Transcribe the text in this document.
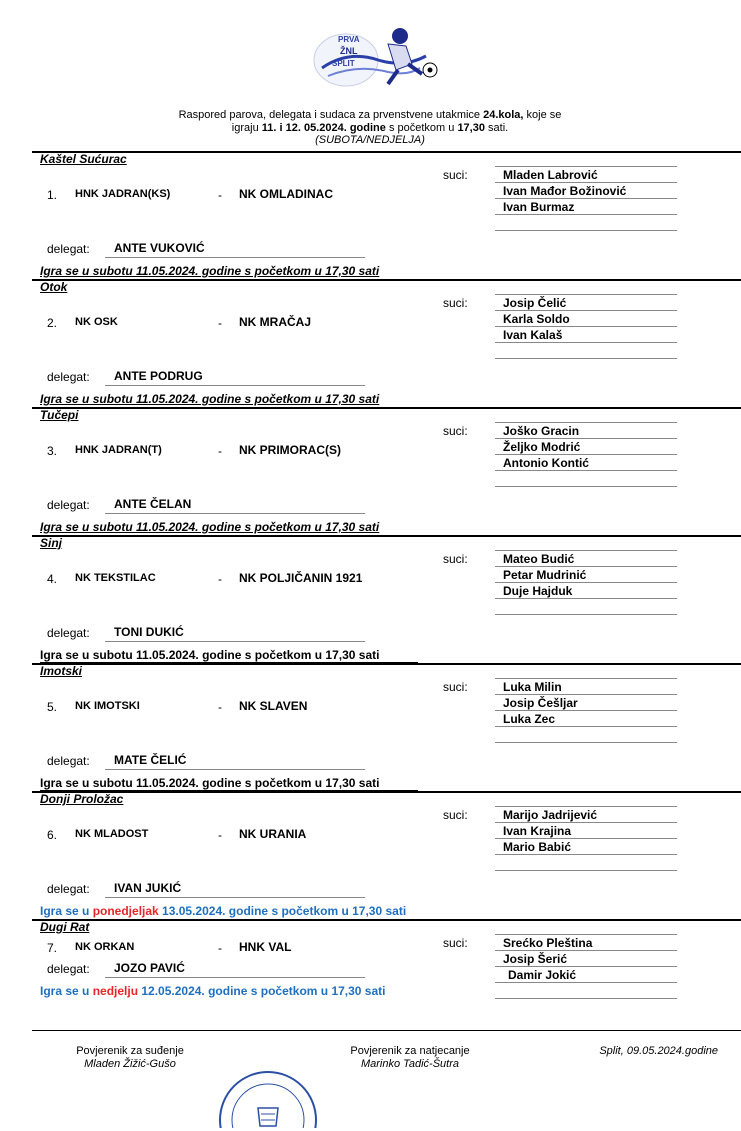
PRVA
ŽNL
SPLIT
Raspored parova, delegata i sudaca za prvenstvene utakmice 24.kola, koje se
igraju 11. i 12. 05.2024. godine s početkom u 17,30 sati.
(SUBOTA/NEDJELJA)
Kaštel Sućurac
suci:	Mladen Labrović
Ivan Mađor Božinović
Ivan Burmaz
1. HNK JADRAN(KS)	- NK OMLADINAC
delegat:	ANTE VUKOVIĆ
Igra se u subotu 11.05.2024. godine s početkom u 17,30 sati
Otok
suci:	Josip Čelić
Karla Soldo
Ivan Kalaš
2. NK OSK	- NK MRAČAJ
delegat:	ANTE PODRUG
Igra se u subotu 11.05.2024. godine s početkom u 17,30 sati
Tučepi
suci:	Joško Gracin
Željko Modrić
Antonio Kontić
3. HNK JADRAN(T)	- NK PRIMORAC(S)
delegat:	ANTE ČELAN
Igra se u subotu 11.05.2024. godine s početkom u 17,30 sati
Sinj
suci:	Mateo Budić
Petar Mudrinić
Duje Hajduk
4. NK TEKSTILAC	- NK POLJIČANIN 1921
delegat:	TONI DUKIĆ
Igra se u subotu 11.05.2024. godine s početkom u 17,30 sati
Imotski
suci:	Luka Milin
Josip Češljar
Luka Zec
5. NK IMOTSKI	- NK SLAVEN
delegat:	MATE ČELIĆ
Igra se u subotu 11.05.2024. godine s početkom u 17,30 sati
Donji Proložac
suci:	Marijo Jadrijević
Ivan Krajina
Mario Babić
6. NK MLADOST	- NK URANIA
delegat:	IVAN JUKIĆ
Igra se u ponedjeljak 13.05.2024. godine s početkom u 17,30 sati
Dugi Rat
suci:	Srećko Pleština
Josip Šerić
Damir Jokić
7. NK ORKAN	- HNK VAL
delegat:	JOZO PAVIĆ
Igra se u nedjelju 12.05.2024. godine s početkom u 17,30 sati
Povjerenik za suđenje
Mladen Žižić-Gušo
Povjerenik za natjecanje
Marinko Tadić-Šutra
Split, 09.05.2024.godine
